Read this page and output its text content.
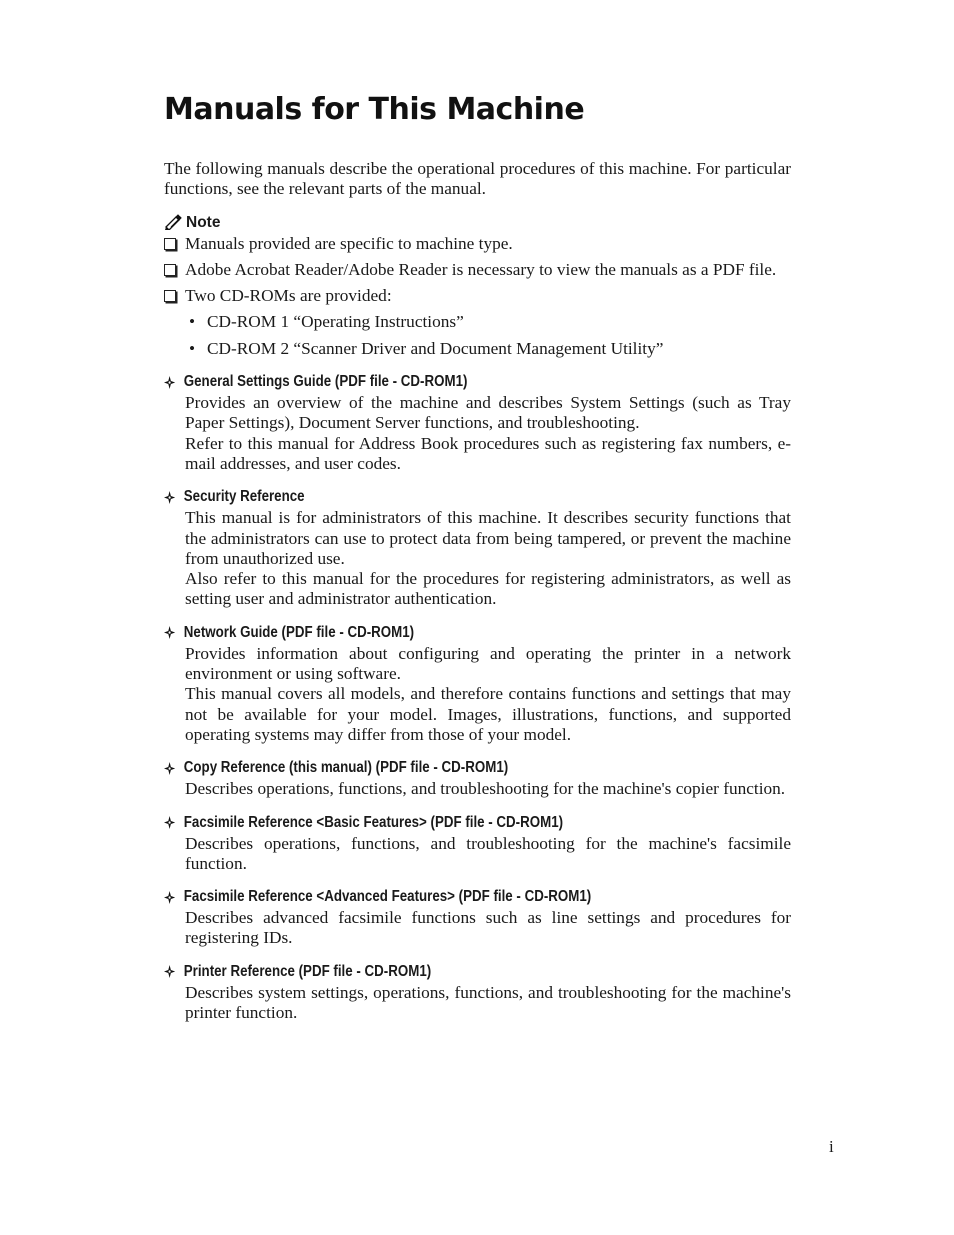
Manuals for This Machine

The following manuals describe the operational procedures of this machine. For particular functions, see the relevant parts of the manual.

Note
Manuals provided are specific to machine type.
Adobe Acrobat Reader/Adobe Reader is necessary to view the manuals as a PDF file.
Two CD-ROMs are provided:
• CD-ROM 1 “Operating Instructions”
• CD-ROM 2 “Scanner Driver and Document Management Utility”
General Settings Guide (PDF file - CD-ROM1)

Provides an overview of the machine and describes System Settings (such as Tray Paper Settings), Document Server functions, and troubleshooting.

Refer to this manual for Address Book procedures such as registering fax numbers, e-mail addresses, and user codes.

Security Reference

This manual is for administrators of this machine. It describes security functions that the administrators can use to protect data from being tampered, or prevent the machine from unauthorized use.

Also refer to this manual for the procedures for registering administrators, as well as setting user and administrator authentication.

Network Guide (PDF file - CD-ROM1)

Provides information about configuring and operating the printer in a network environment or using software.

This manual covers all models, and therefore contains functions and settings that may not be available for your model. Images, illustrations, functions, and supported operating systems may differ from those of your model.

Copy Reference (this manual) (PDF file - CD-ROM1)

Describes operations, functions, and troubleshooting for the machine's copier function.

Facsimile Reference <Basic Features> (PDF file - CD-ROM1)

Describes operations, functions, and troubleshooting for the machine's facsimile function.

Facsimile Reference <Advanced Features> (PDF file - CD-ROM1)

Describes advanced facsimile functions such as line settings and procedures for registering IDs.

Printer Reference (PDF file - CD-ROM1)

Describes system settings, operations, functions, and troubleshooting for the machine's printer function.

i
